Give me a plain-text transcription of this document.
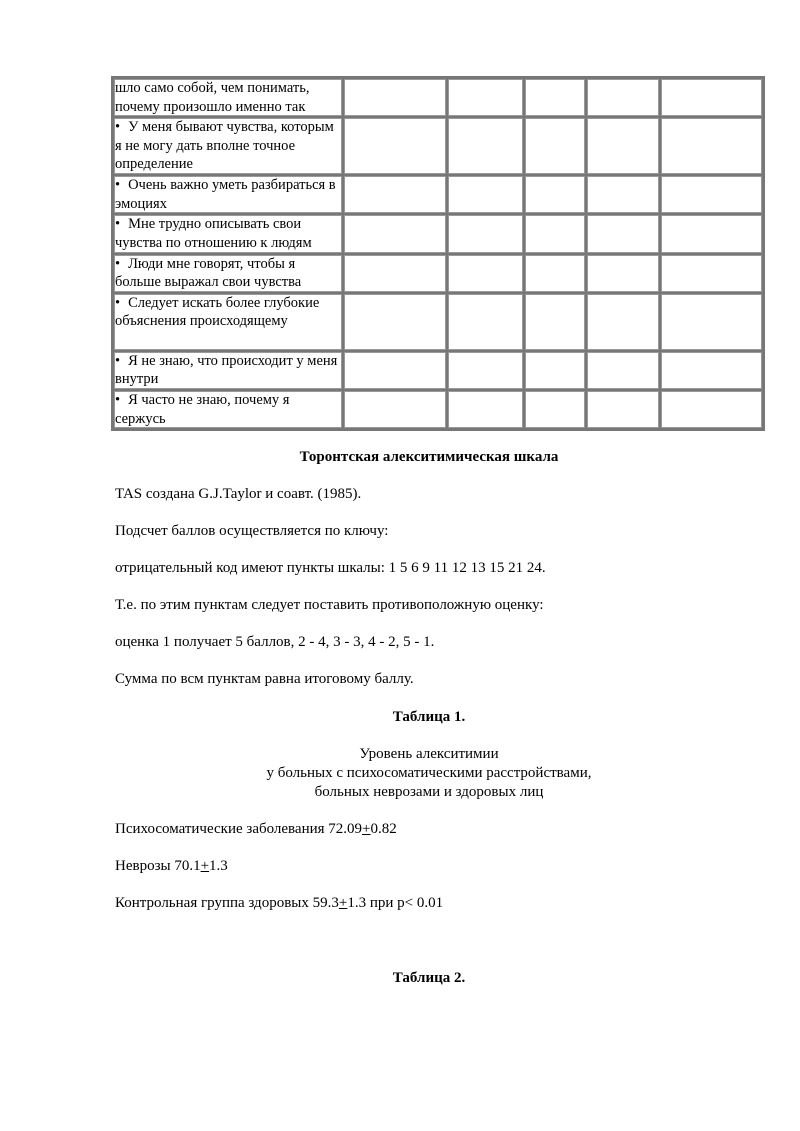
шло само собой, чем понимать, почему произошло именно так					
• У меня бывают чувства, которым я не могу дать вполне точное определение					
• Очень важно уметь разбираться в эмоциях					
• Мне трудно описывать свои чувства по отношению к людям					
• Люди мне говорят, чтобы я больше выражал свои чувства					
• Следует искать более глубокие объяснения происходящему					
• Я не знаю, что происходит у меня внутри					
• Я часто не знаю, почему я сержусь					
Торонтская алекситимическая шкала
TAS создана G.J.Taylor и соавт. (1985).
Подсчет баллов осуществляется по ключу:
отрицательный код имеют пункты шкалы: 1 5 6 9 11 12 13 15 21 24.
Т.е. по этим пунктам следует поставить противоположную оценку:
оценка 1 получает 5 баллов, 2 - 4, 3 - 3, 4 - 2, 5 - 1.
Сумма по всм пунктам равна итоговому баллу.
Таблица 1.
Уровень алекситимии
у больных с психосоматическими расстройствами,
больных неврозами и здоровых лиц
Психосоматические заболевания 72.09+0.82
Неврозы 70.1+1.3
Контрольная группа здоровых 59.3+1.3 при р< 0.01
Таблица 2.
